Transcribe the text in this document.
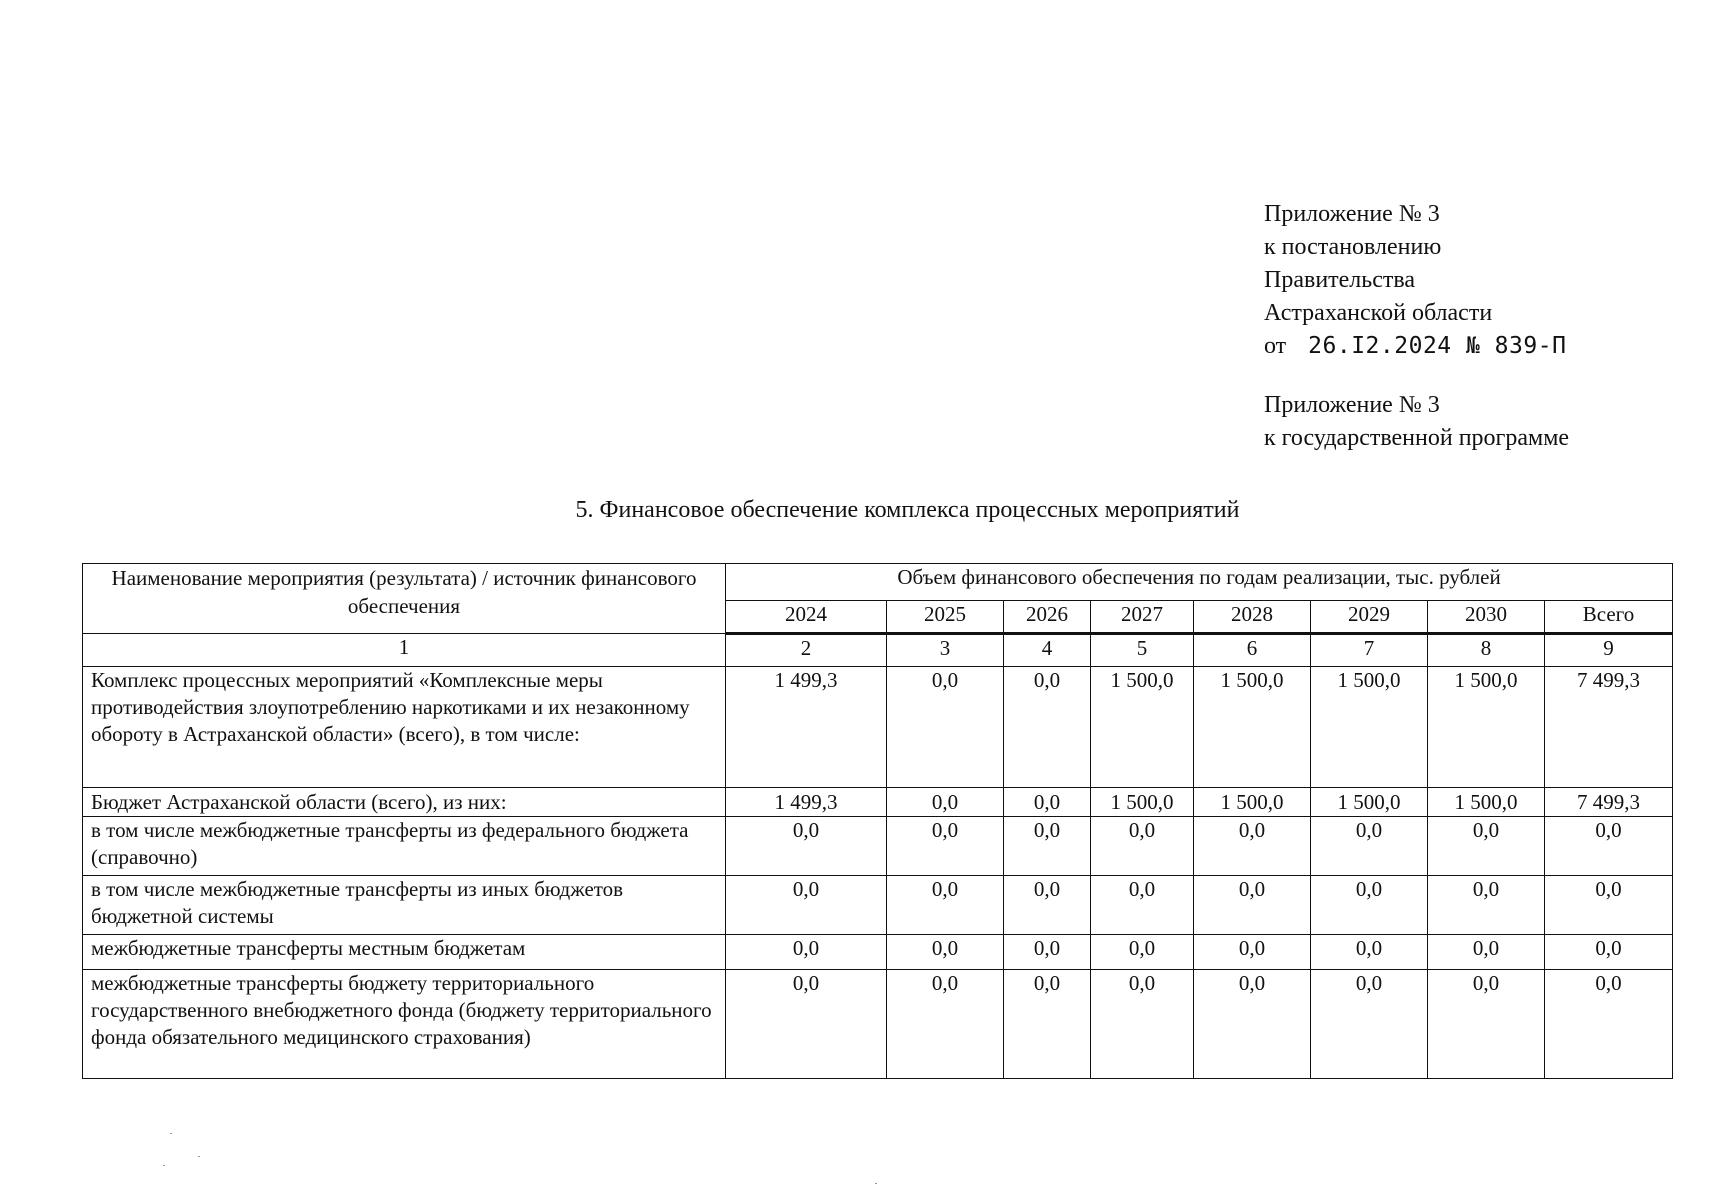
Приложение № 3
к постановлению
Правительства
Астраханской области
от 26.I2.2024 № 839-П
Приложение № 3
к государственной программе
5. Финансовое обеспечение комплекса процессных мероприятий
Наименование мероприятия (результата) / источник финансового обеспечения	Объем финансового обеспечения по годам реализации, тыс. рублей							
	2024	2025	2026	2027	2028	2029	2030	Всего
1	2	3	4	5	6	7	8	9
Комплекс процессных мероприятий «Комплексные меры противодействия злоупотреблению наркотиками и их незаконному обороту в Астраханской области» (всего), в том числе:	1 499,3	0,0	0,0	1 500,0	1 500,0	1 500,0	1 500,0	7 499,3
Бюджет Астраханской области (всего), из них:	1 499,3	0,0	0,0	1 500,0	1 500,0	1 500,0	1 500,0	7 499,3
в том числе межбюджетные трансферты из федерального бюджета (справочно)	0,0	0,0	0,0	0,0	0,0	0,0	0,0	0,0
в том числе межбюджетные трансферты из иных бюджетов бюджетной системы	0,0	0,0	0,0	0,0	0,0	0,0	0,0	0,0
межбюджетные трансферты местным бюджетам	0,0	0,0	0,0	0,0	0,0	0,0	0,0	0,0
межбюджетные трансферты бюджету территориального государственного внебюджетного фонда (бюджету территориального фонда обязательного медицинского страхования)	0,0	0,0	0,0	0,0	0,0	0,0	0,0	0,0
